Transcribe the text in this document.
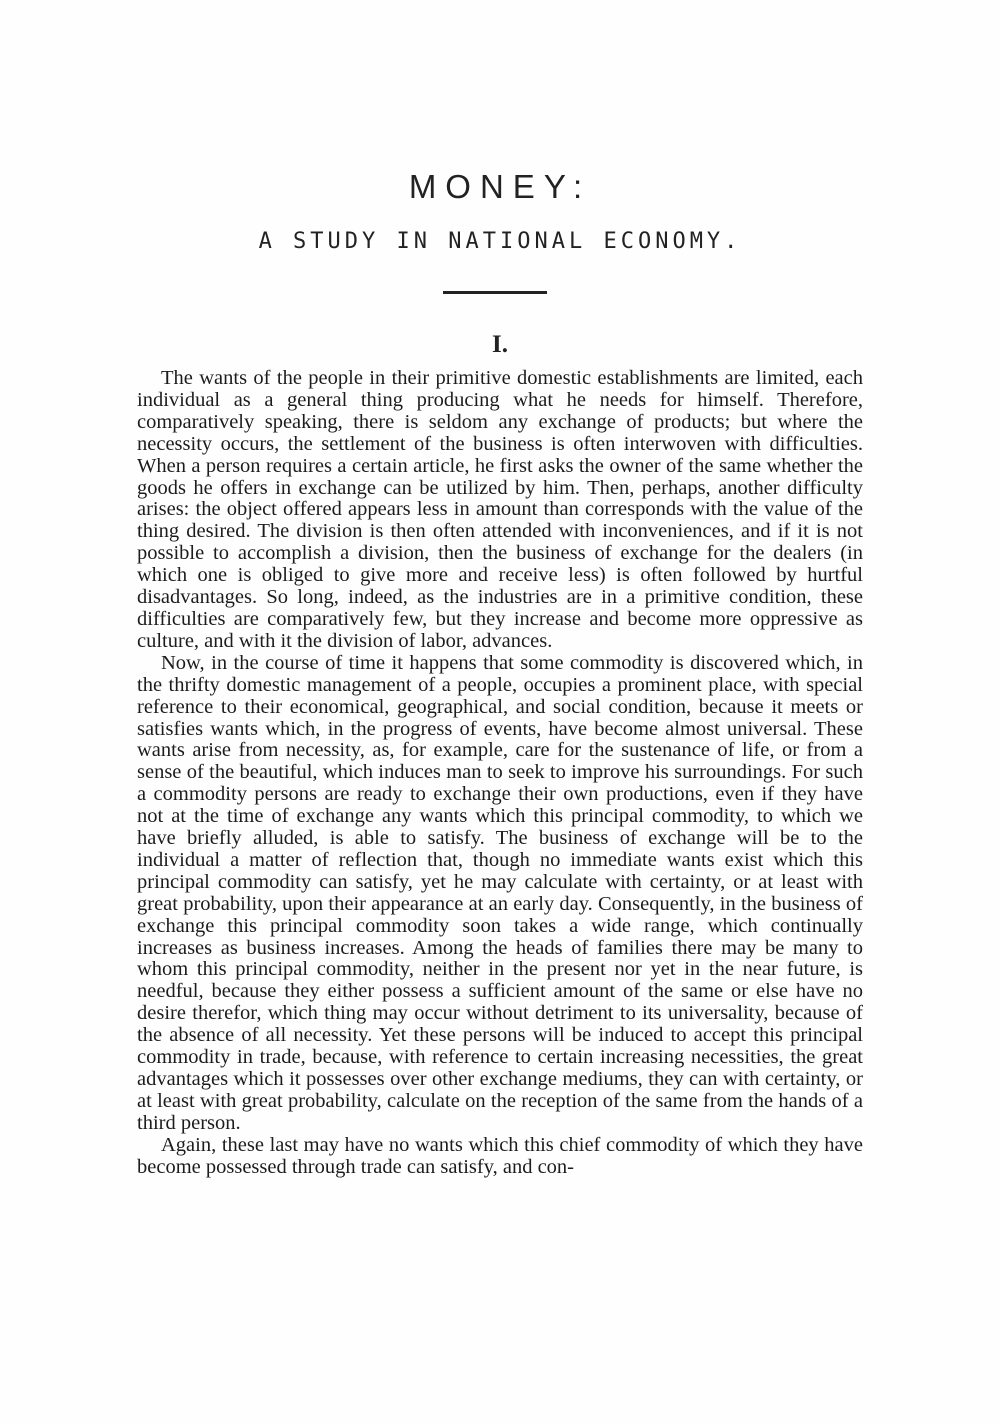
MONEY:
A STUDY IN NATIONAL ECONOMY.
I.

The wants of the people in their primitive domestic establishments are limited, each individual as a general thing producing what he needs for himself. Therefore, comparatively speaking, there is seldom any exchange of products; but where the necessity occurs, the settlement of the business is often interwoven with difficulties. When a person requires a certain article, he first asks the owner of the same whether the goods he offers in exchange can be utilized by him. Then, perhaps, another difficulty arises: the object offered appears less in amount than corresponds with the value of the thing desired. The division is then often attended with inconveniences, and if it is not possible to accomplish a division, then the business of exchange for the dealers (in which one is obliged to give more and receive less) is often followed by hurtful disadvantages. So long, indeed, as the industries are in a primitive condition, these difficulties are comparatively few, but they increase and become more oppressive as culture, and with it the division of labor, advances.

Now, in the course of time it happens that some commodity is discovered which, in the thrifty domestic management of a people, occupies a prominent place, with special reference to their economical, geographical, and social condition, because it meets or satisfies wants which, in the progress of events, have become almost universal. These wants arise from necessity, as, for example, care for the sustenance of life, or from a sense of the beautiful, which induces man to seek to improve his surroundings. For such a commodity persons are ready to exchange their own productions, even if they have not at the time of exchange any wants which this principal commodity, to which we have briefly alluded, is able to satisfy. The business of exchange will be to the individual a matter of reflection that, though no immediate wants exist which this principal commodity can satisfy, yet he may calculate with certainty, or at least with great probability, upon their appearance at an early day. Consequently, in the business of exchange this principal commodity soon takes a wide range, which continually increases as business increases. Among the heads of families there may be many to whom this principal commodity, neither in the present nor yet in the near future, is needful, because they either possess a sufficient amount of the same or else have no desire therefor, which thing may occur without detriment to its universality, because of the absence of all necessity. Yet these persons will be induced to accept this principal commodity in trade, because, with reference to certain increasing necessities, the great advantages which it possesses over other exchange mediums, they can with certainty, or at least with great probability, calculate on the reception of the same from the hands of a third person.

Again, these last may have no wants which this chief commodity of which they have become possessed through trade can satisfy, and con-
